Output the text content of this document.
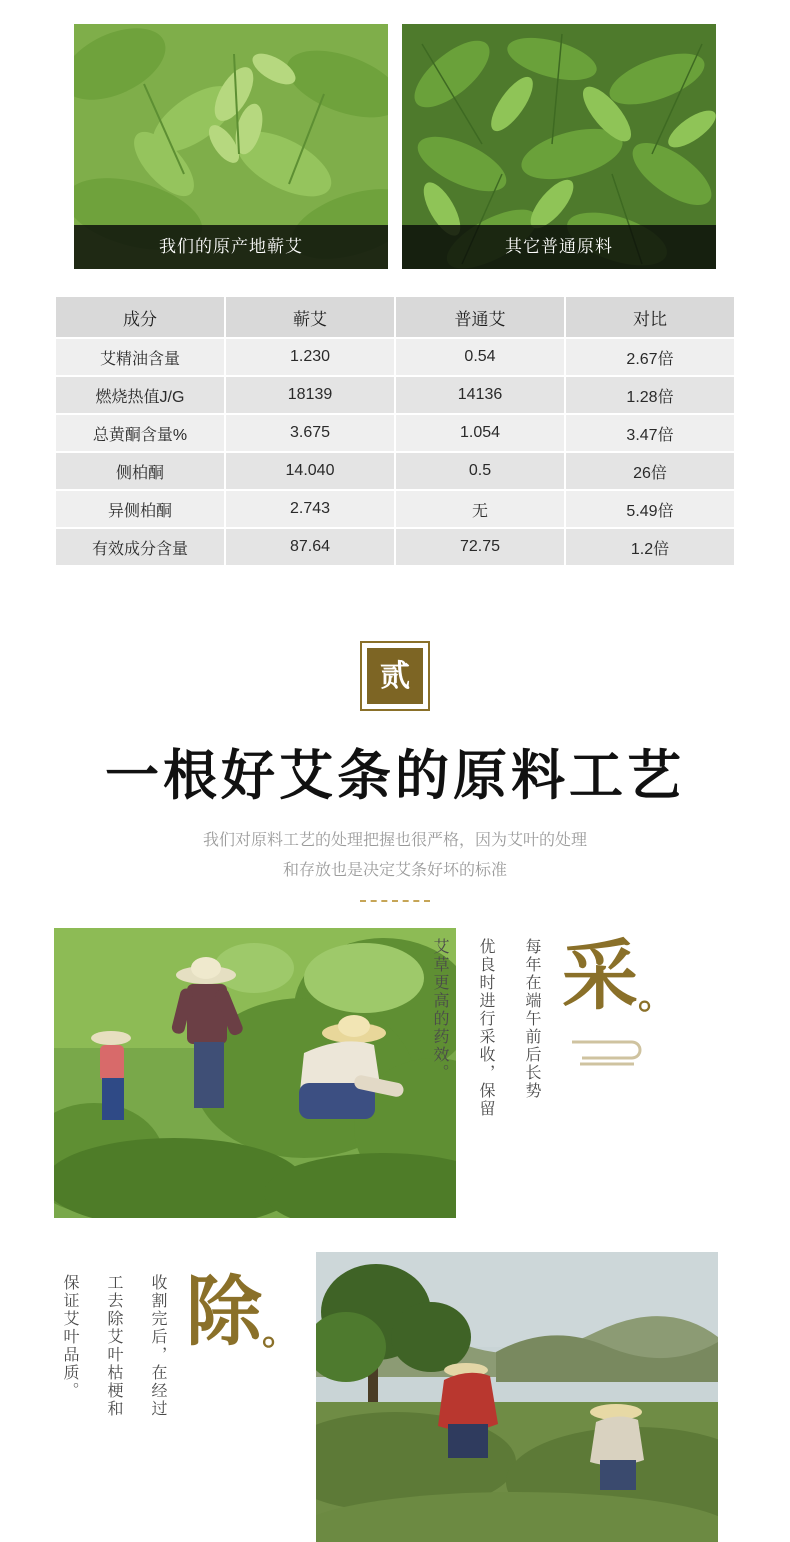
我们的原产地蕲艾	其它普通原料
成分	蕲艾	普通艾	对比
艾精油含量	1.230	0.54	2.67倍
燃烧热值J/G	18139	14136	1.28倍
总黄酮含量%	3.675	1.054	3.47倍
侧柏酮	14.040	0.5	26倍
异侧柏酮	2.743	无	5.49倍
有效成分含量	87.64	72.75	1.2倍
贰
一根好艾条的原料工艺
我们对原料工艺的处理把握也很严格，因为艾叶的处理
和存放也是决定艾条好坏的标准
艾草更高的药效。	优良时进行采收，保留	每年在端午前后长势 采。
保证艾叶品质。	工去除艾叶枯梗和	收割完后，在经过 除。
